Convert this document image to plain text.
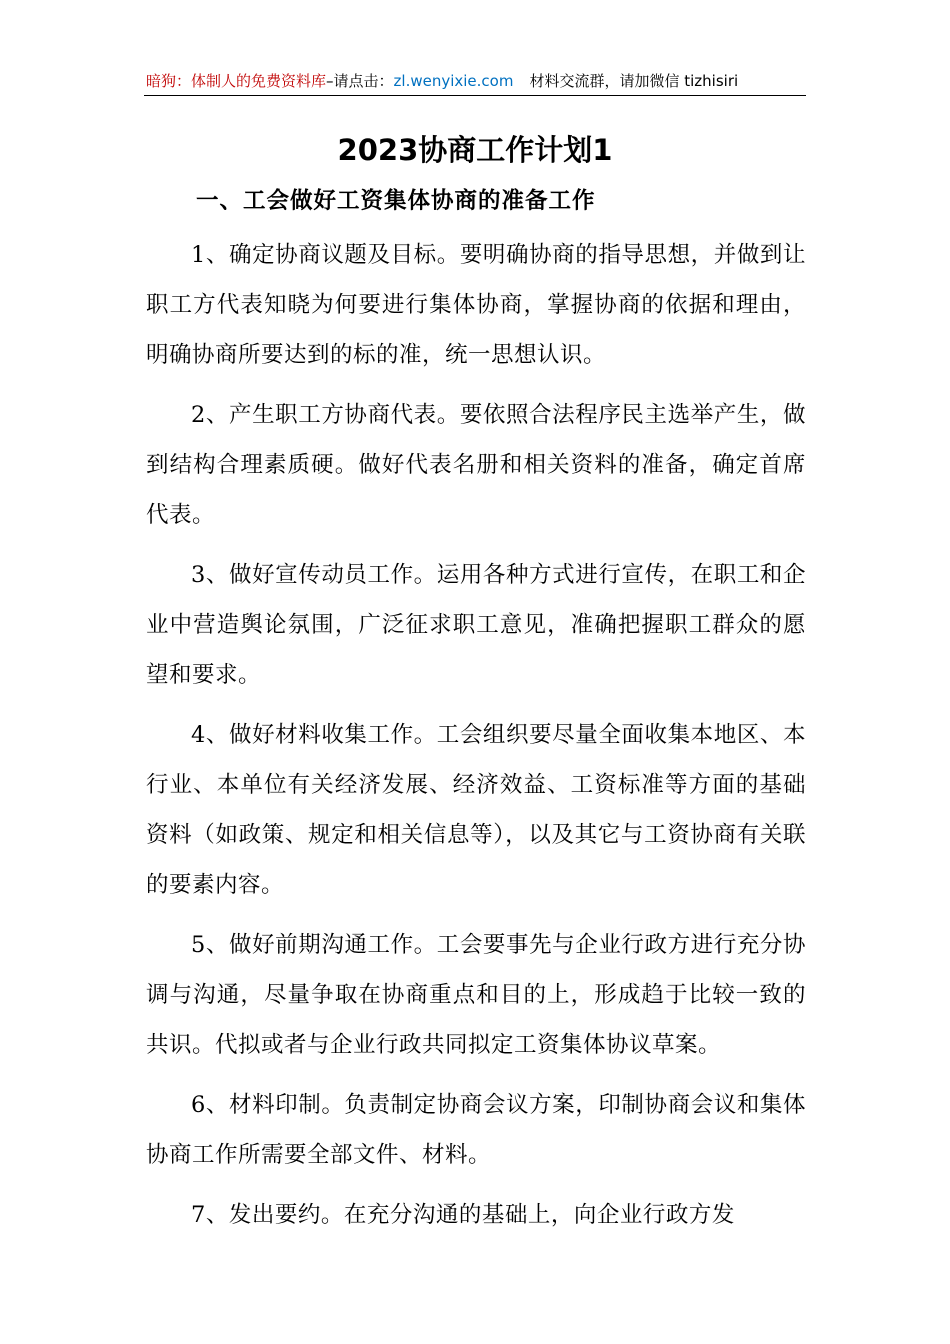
暗狗：体制人的免费资料库–请点击：zl.wenyixie.com 材料交流群，请加微信 tizhisiri
2023协商工作计划1
一、工会做好工资集体协商的准备工作

1、确定协商议题及目标。要明确协商的指导思想，并做到让职工方代表知晓为何要进行集体协商，掌握协商的依据和理由，明确协商所要达到的标的准，统一思想认识。

2、产生职工方协商代表。要依照合法程序民主选举产生，做到结构合理素质硬。做好代表名册和相关资料的准备，确定首席代表。

3、做好宣传动员工作。运用各种方式进行宣传，在职工和企业中营造舆论氛围，广泛征求职工意见，准确把握职工群众的愿望和要求。

4、做好材料收集工作。工会组织要尽量全面收集本地区、本行业、本单位有关经济发展、经济效益、工资标准等方面的基础资料（如政策、规定和相关信息等），以及其它与工资协商有关联的要素内容。

5、做好前期沟通工作。工会要事先与企业行政方进行充分协调与沟通，尽量争取在协商重点和目的上，形成趋于比较一致的共识。代拟或者与企业行政共同拟定工资集体协议草案。

6、材料印制。负责制定协商会议方案，印制协商会议和集体协商工作所需要全部文件、材料。

7、发出要约。在充分沟通的基础上，向企业行政方发
